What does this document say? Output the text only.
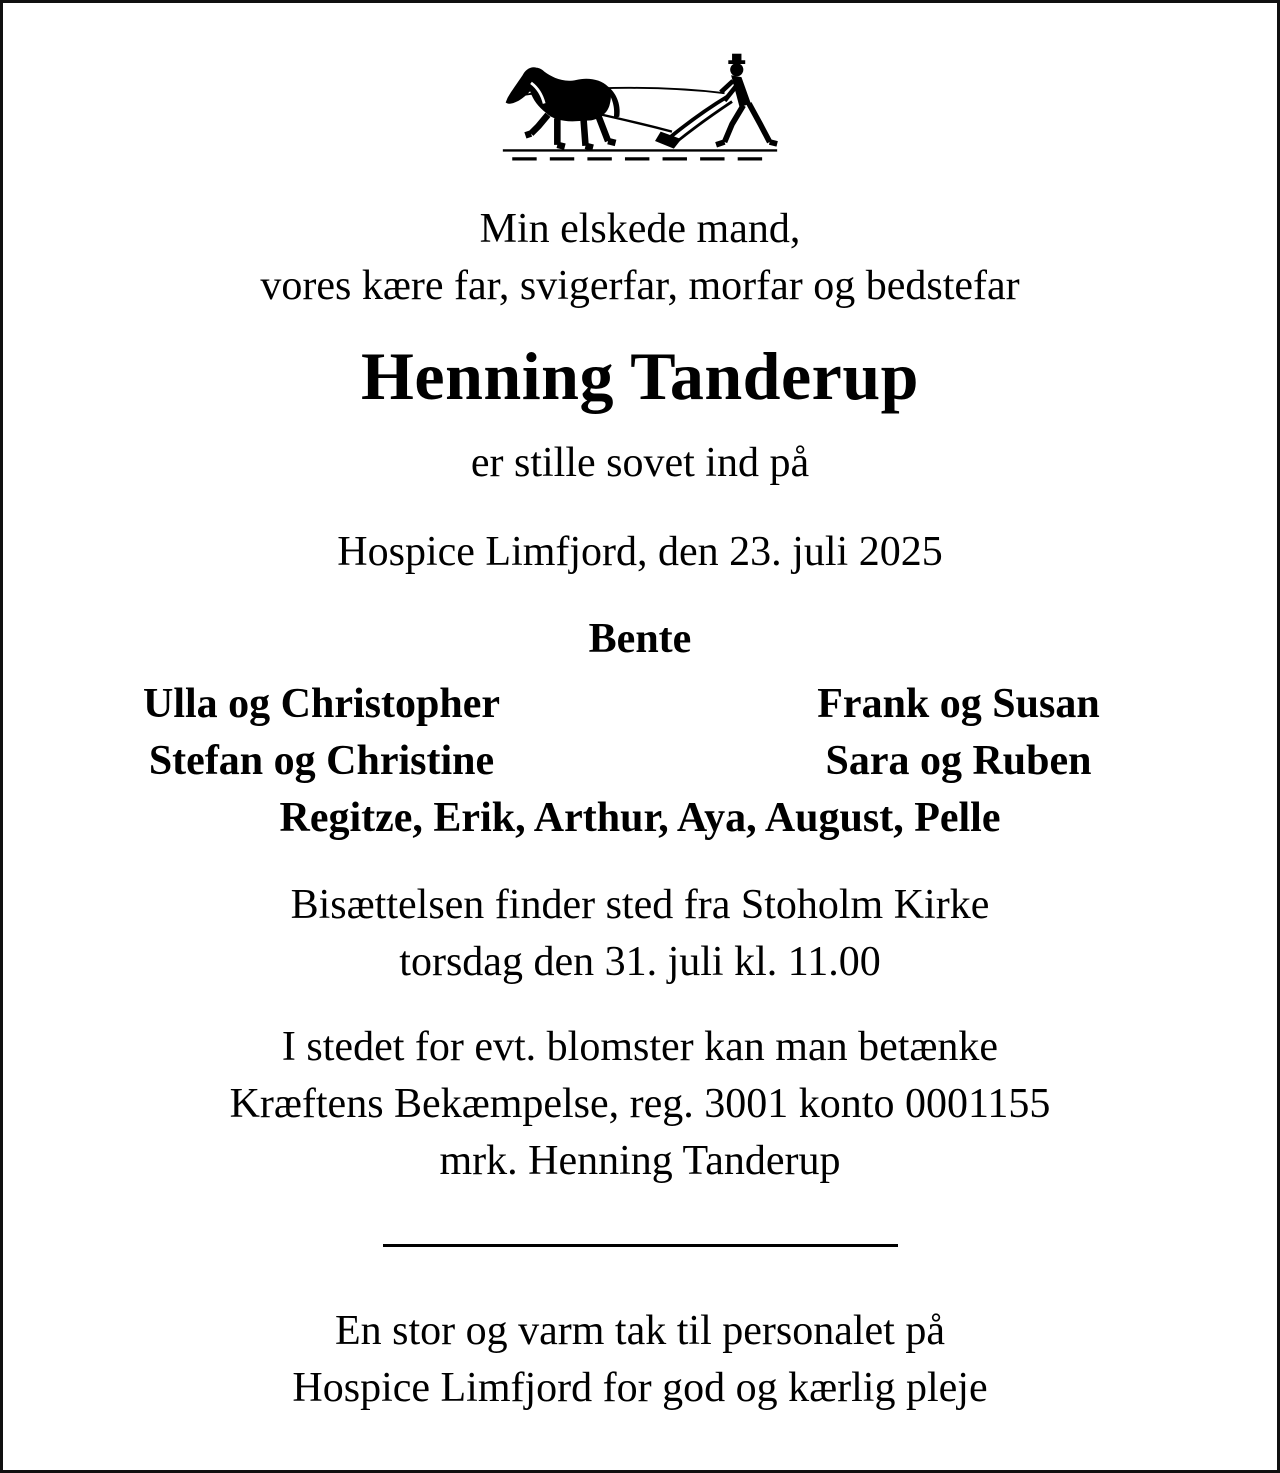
Min elskede mand,
vores kære far, svigerfar, morfar og bedstefar
Henning Tanderup
er stille sovet ind på
Hospice Limfjord, den 23. juli 2025
Bente
Ulla og Christopher
Stefan og Christine
Frank og Susan
Sara og Ruben
Regitze, Erik, Arthur, Aya, August, Pelle
Bisættelsen finder sted fra Stoholm Kirke
torsdag den 31. juli kl. 11.00
I stedet for evt. blomster kan man betænke
Kræftens Bekæmpelse, reg. 3001 konto 0001155
mrk. Henning Tanderup
En stor og varm tak til personalet på
Hospice Limfjord for god og kærlig pleje
